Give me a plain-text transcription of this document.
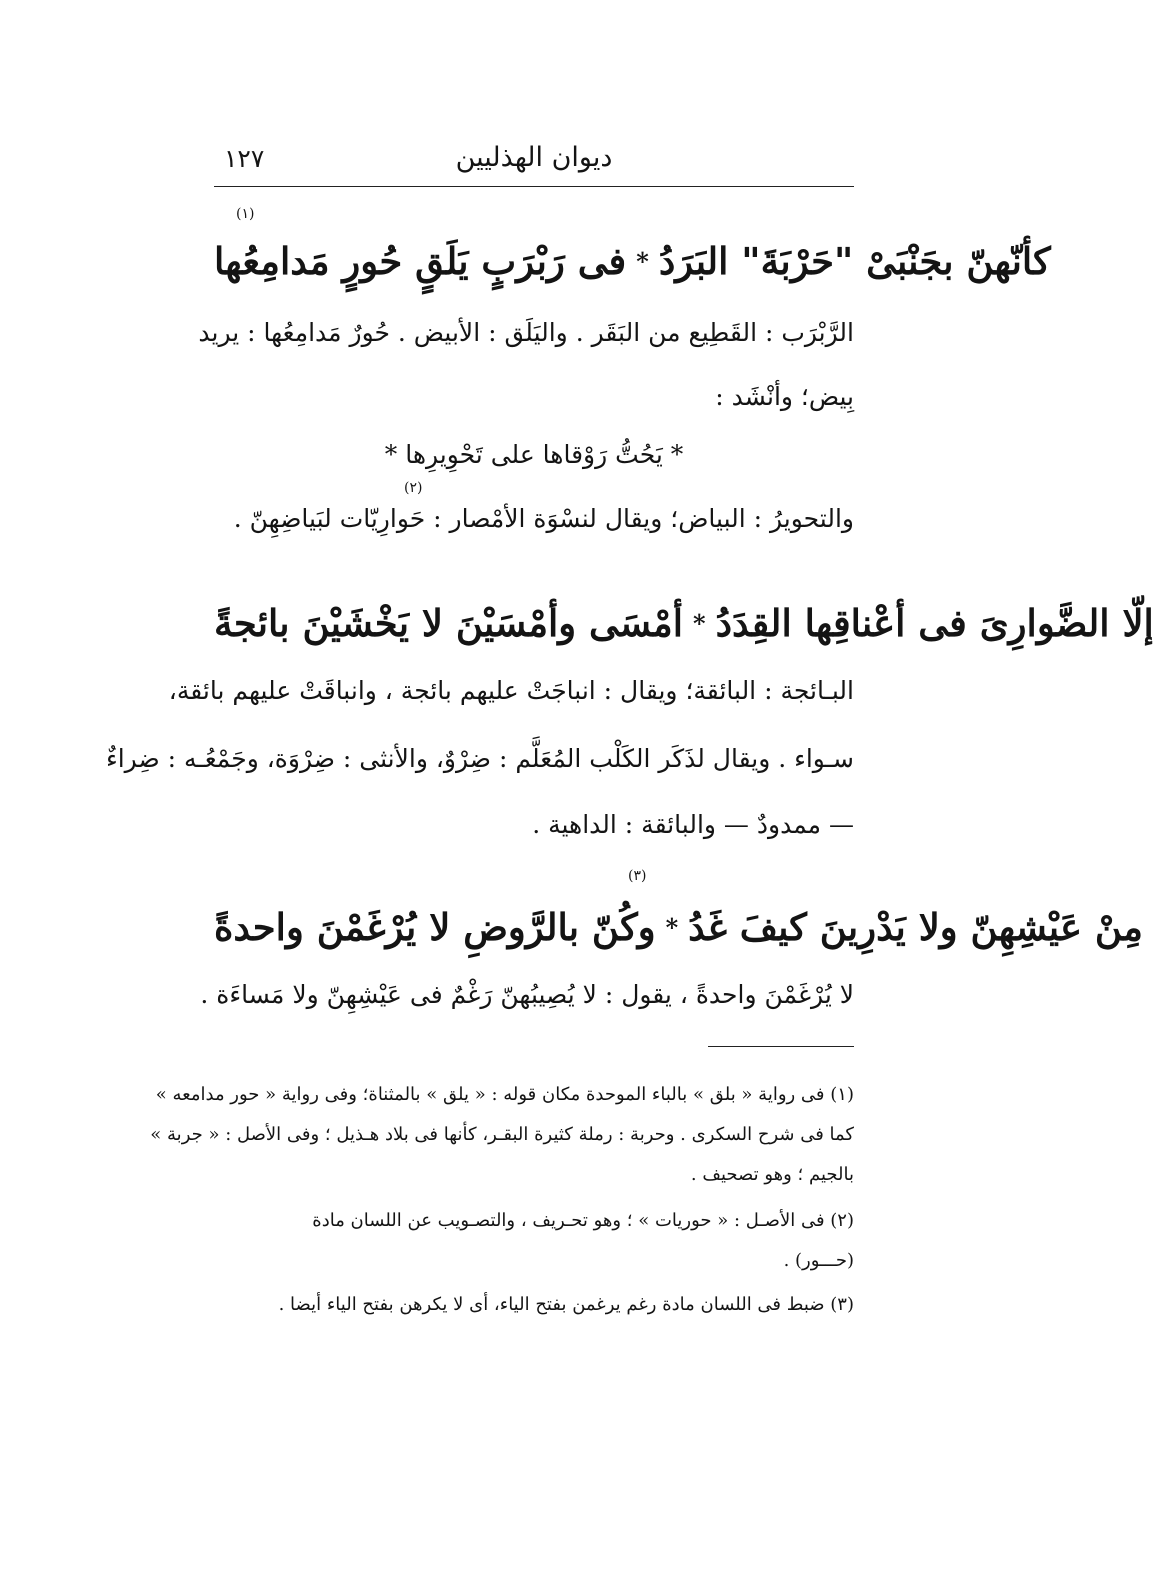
١٢٧	ديوان الهذليين
(١)
فى رَبْرَبٍ يَلَقٍ حُورٍ مَدامِعُها * كأنّهنّ بجَنْبَىْ "حَرْبَةَ" البَرَدُ
الرَّبْرَب : القَطِيع من البَقَر . واليَلَق : الأبيض . حُورٌ مَدامِعُها : يريد
بِيض؛ وأنْشَد :
* يَحُتُّ رَوْقاها على تَحْوِيرِها *
(٢)
والتحويرُ : البياض؛ ويقال لنسْوَة الأمْصار : حَوارِيّات لبَياضِهِنّ .
أمْسَى وأمْسَيْنَ لا يَخْشَيْنَ بائجةً * إلّا الضَّوارِىَ فى أعْناقِها القِدَدُ
البـائجة : البائقة؛ ويقال : انباجَتْ عليهم بائجة ، وانباقَتْ عليهم بائقة،
سـواء . ويقال لذَكَر الكَلْب المُعَلَّم : ضِرْوٌ، والأنثى : ضِرْوَة، وجَمْعُـه : ضِراءٌ
— ممدودٌ — والبائقة : الداهية .
(٣)
وكُنّ بالرَّوضِ لا يُرْغَمْنَ واحدةً * مِنْ عَيْشِهِنّ ولا يَدْرِينَ كيفَ غَدُ
لا يُرْغَمْنَ واحدةً ، يقول : لا يُصِيبُهنّ رَغْمٌ فى عَيْشِهِنّ ولا مَساءَة .
(١) فى رواية « بلق » بالباء الموحدة مكان قوله : « يلق » بالمثناة؛ وفى رواية « حور مدامعه »
كما فى شرح السكرى . وحربة : رملة كثيرة البقـر، كأنها فى بلاد هـذيل ؛ وفى الأصل : « جربة »
بالجيم ؛ وهو تصحيف .
(٢) فى الأصـل : « حوريات » ؛ وهو تحـريف ، والتصـويب عن اللسان مادة
(حـــور) .
(٣) ضبط فى اللسان مادة رغم يرغمن بفتح الياء، أى لا يكرهن بفتح الياء أيضا .
